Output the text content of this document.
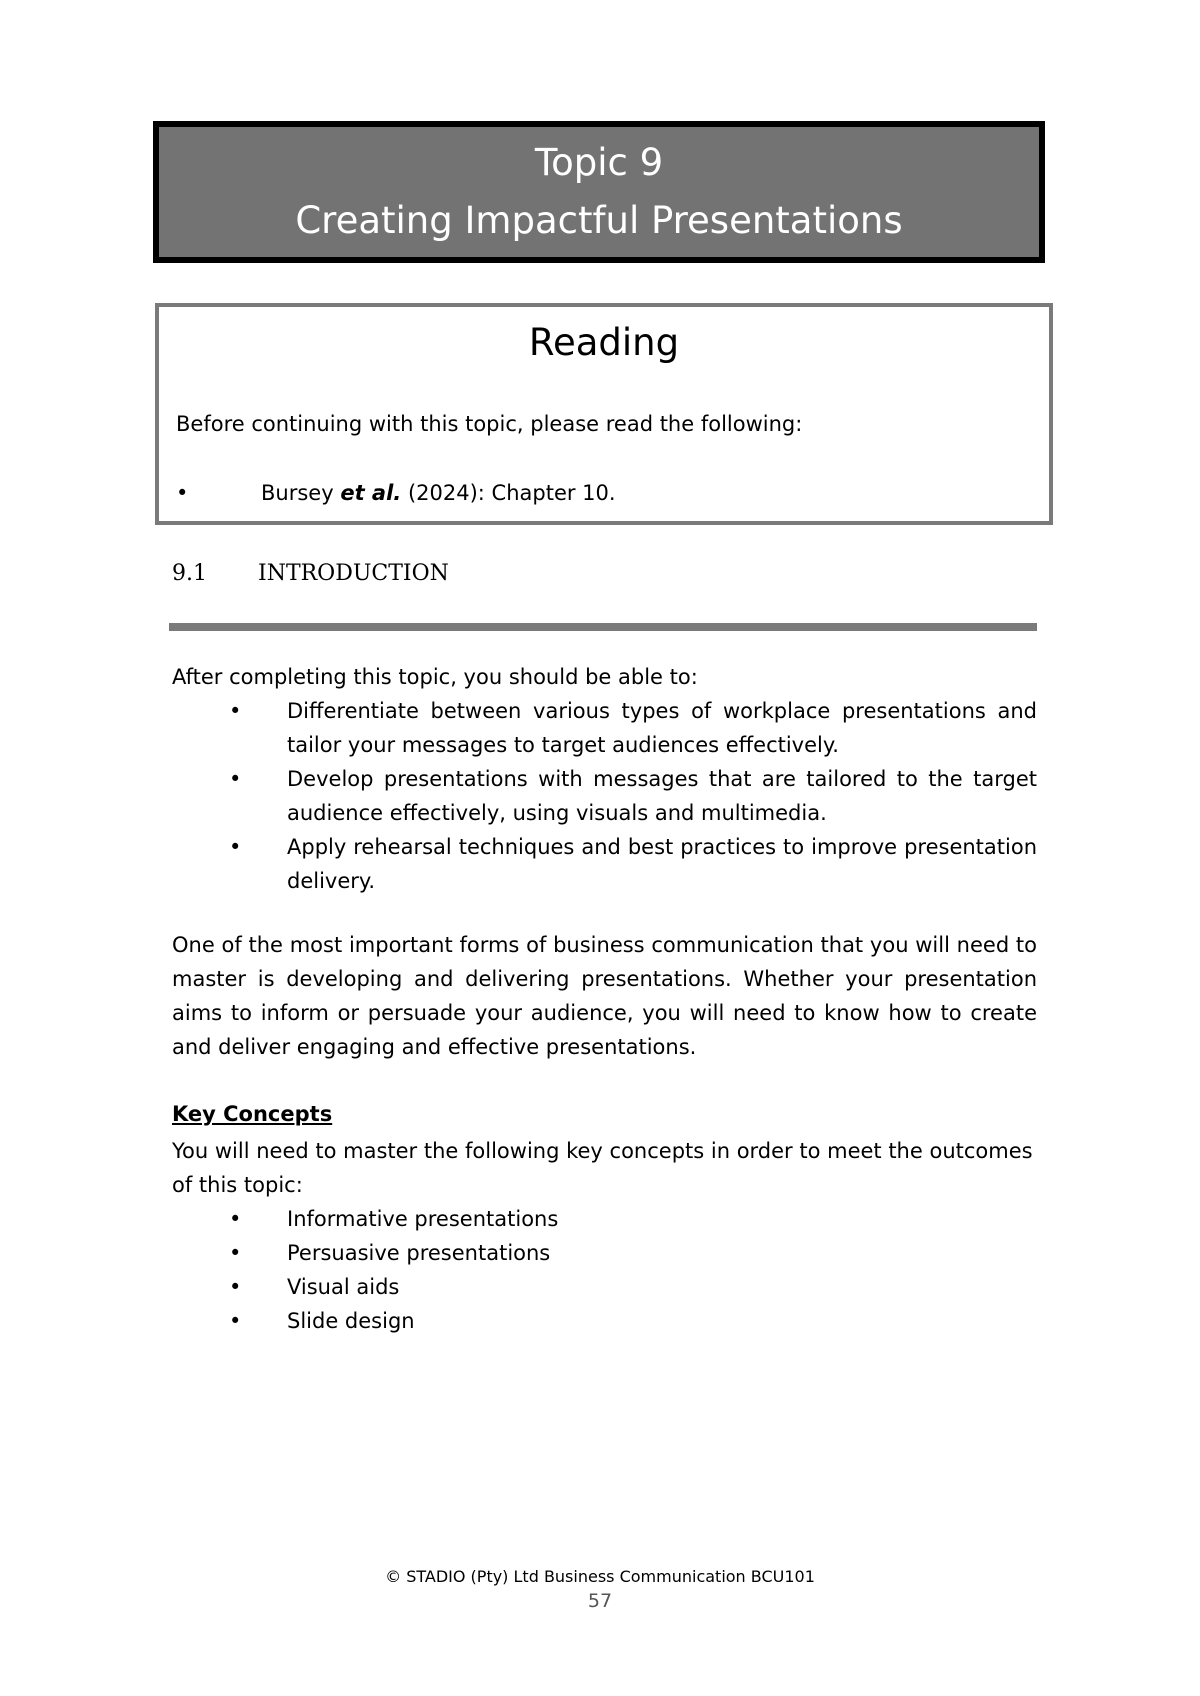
Topic 9
Creating Impactful Presentations
Reading
Before continuing with this topic, please read the following:
•	Bursey et al. (2024): Chapter 10.
9.1 INTRODUCTION
After completing this topic, you should be able to:
• Differentiate between various types of workplace presentations and tailor your messages to target audiences effectively.
• Develop presentations with messages that are tailored to the target audience effectively, using visuals and multimedia.
• Apply rehearsal techniques and best practices to improve presentation delivery.
One of the most important forms of business communication that you will need to master is developing and delivering presentations. Whether your presentation aims to inform or persuade your audience, you will need to know how to create and deliver engaging and effective presentations.
Key Concepts
You will need to master the following key concepts in order to meet the outcomes of this topic:
• Informative presentations
• Persuasive presentations
• Visual aids
• Slide design
© STADIO (Pty) Ltd Business Communication BCU101
57
